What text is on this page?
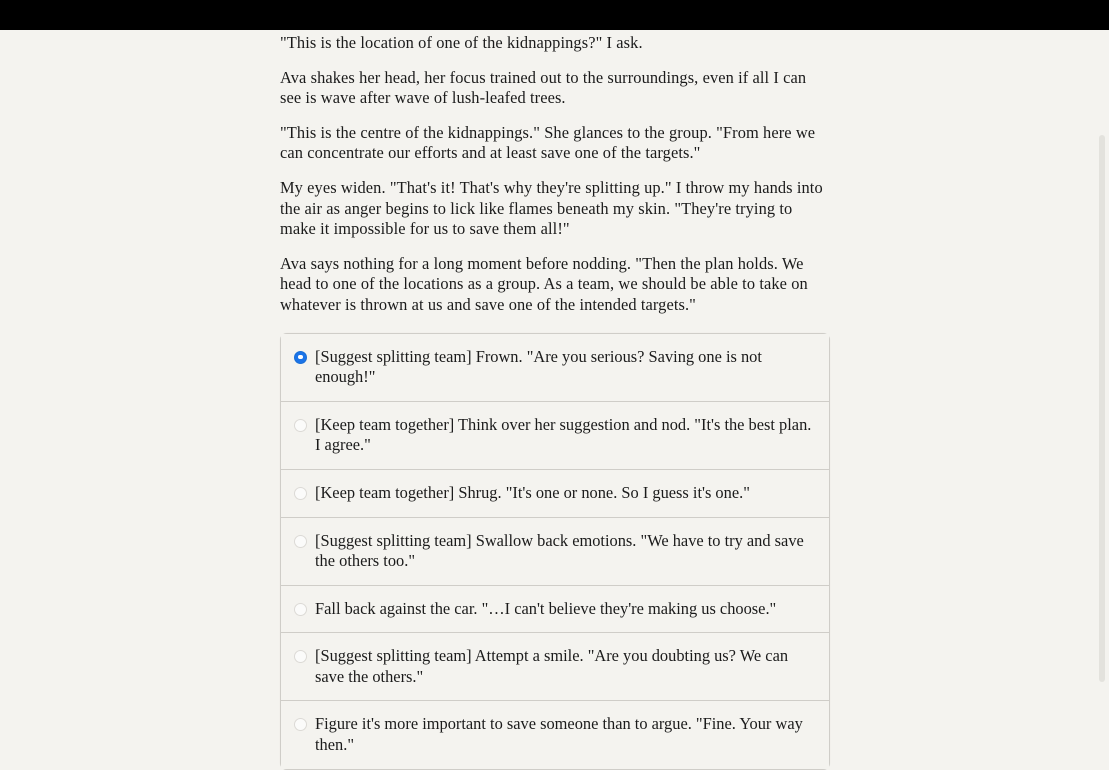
"This is the location of one of the kidnappings?" I ask.

Ava shakes her head, her focus trained out to the surroundings, even if all I can see is wave after wave of lush-leafed trees.

"This is the centre of the kidnappings." She glances to the group. "From here we can concentrate our efforts and at least save one of the targets."

My eyes widen. "That's it! That's why they're splitting up." I throw my hands into the air as anger begins to lick like flames beneath my skin. "They're trying to make it impossible for us to save them all!"

Ava says nothing for a long moment before nodding. "Then the plan holds. We head to one of the locations as a group. As a team, we should be able to take on whatever is thrown at us and save one of the intended targets."

[Suggest splitting team] Frown. "Are you serious? Saving one is not enough!"
[Keep team together] Think over her suggestion and nod. "It's the best plan. I agree."
[Keep team together] Shrug. "It's one or none. So I guess it's one."
[Suggest splitting team] Swallow back emotions. "We have to try and save the others too."
Fall back against the car. "…I can't believe they're making us choose."
[Suggest splitting team] Attempt a smile. "Are you doubting us? We can save the others."
Figure it's more important to save someone than to argue. "Fine. Your way then."
